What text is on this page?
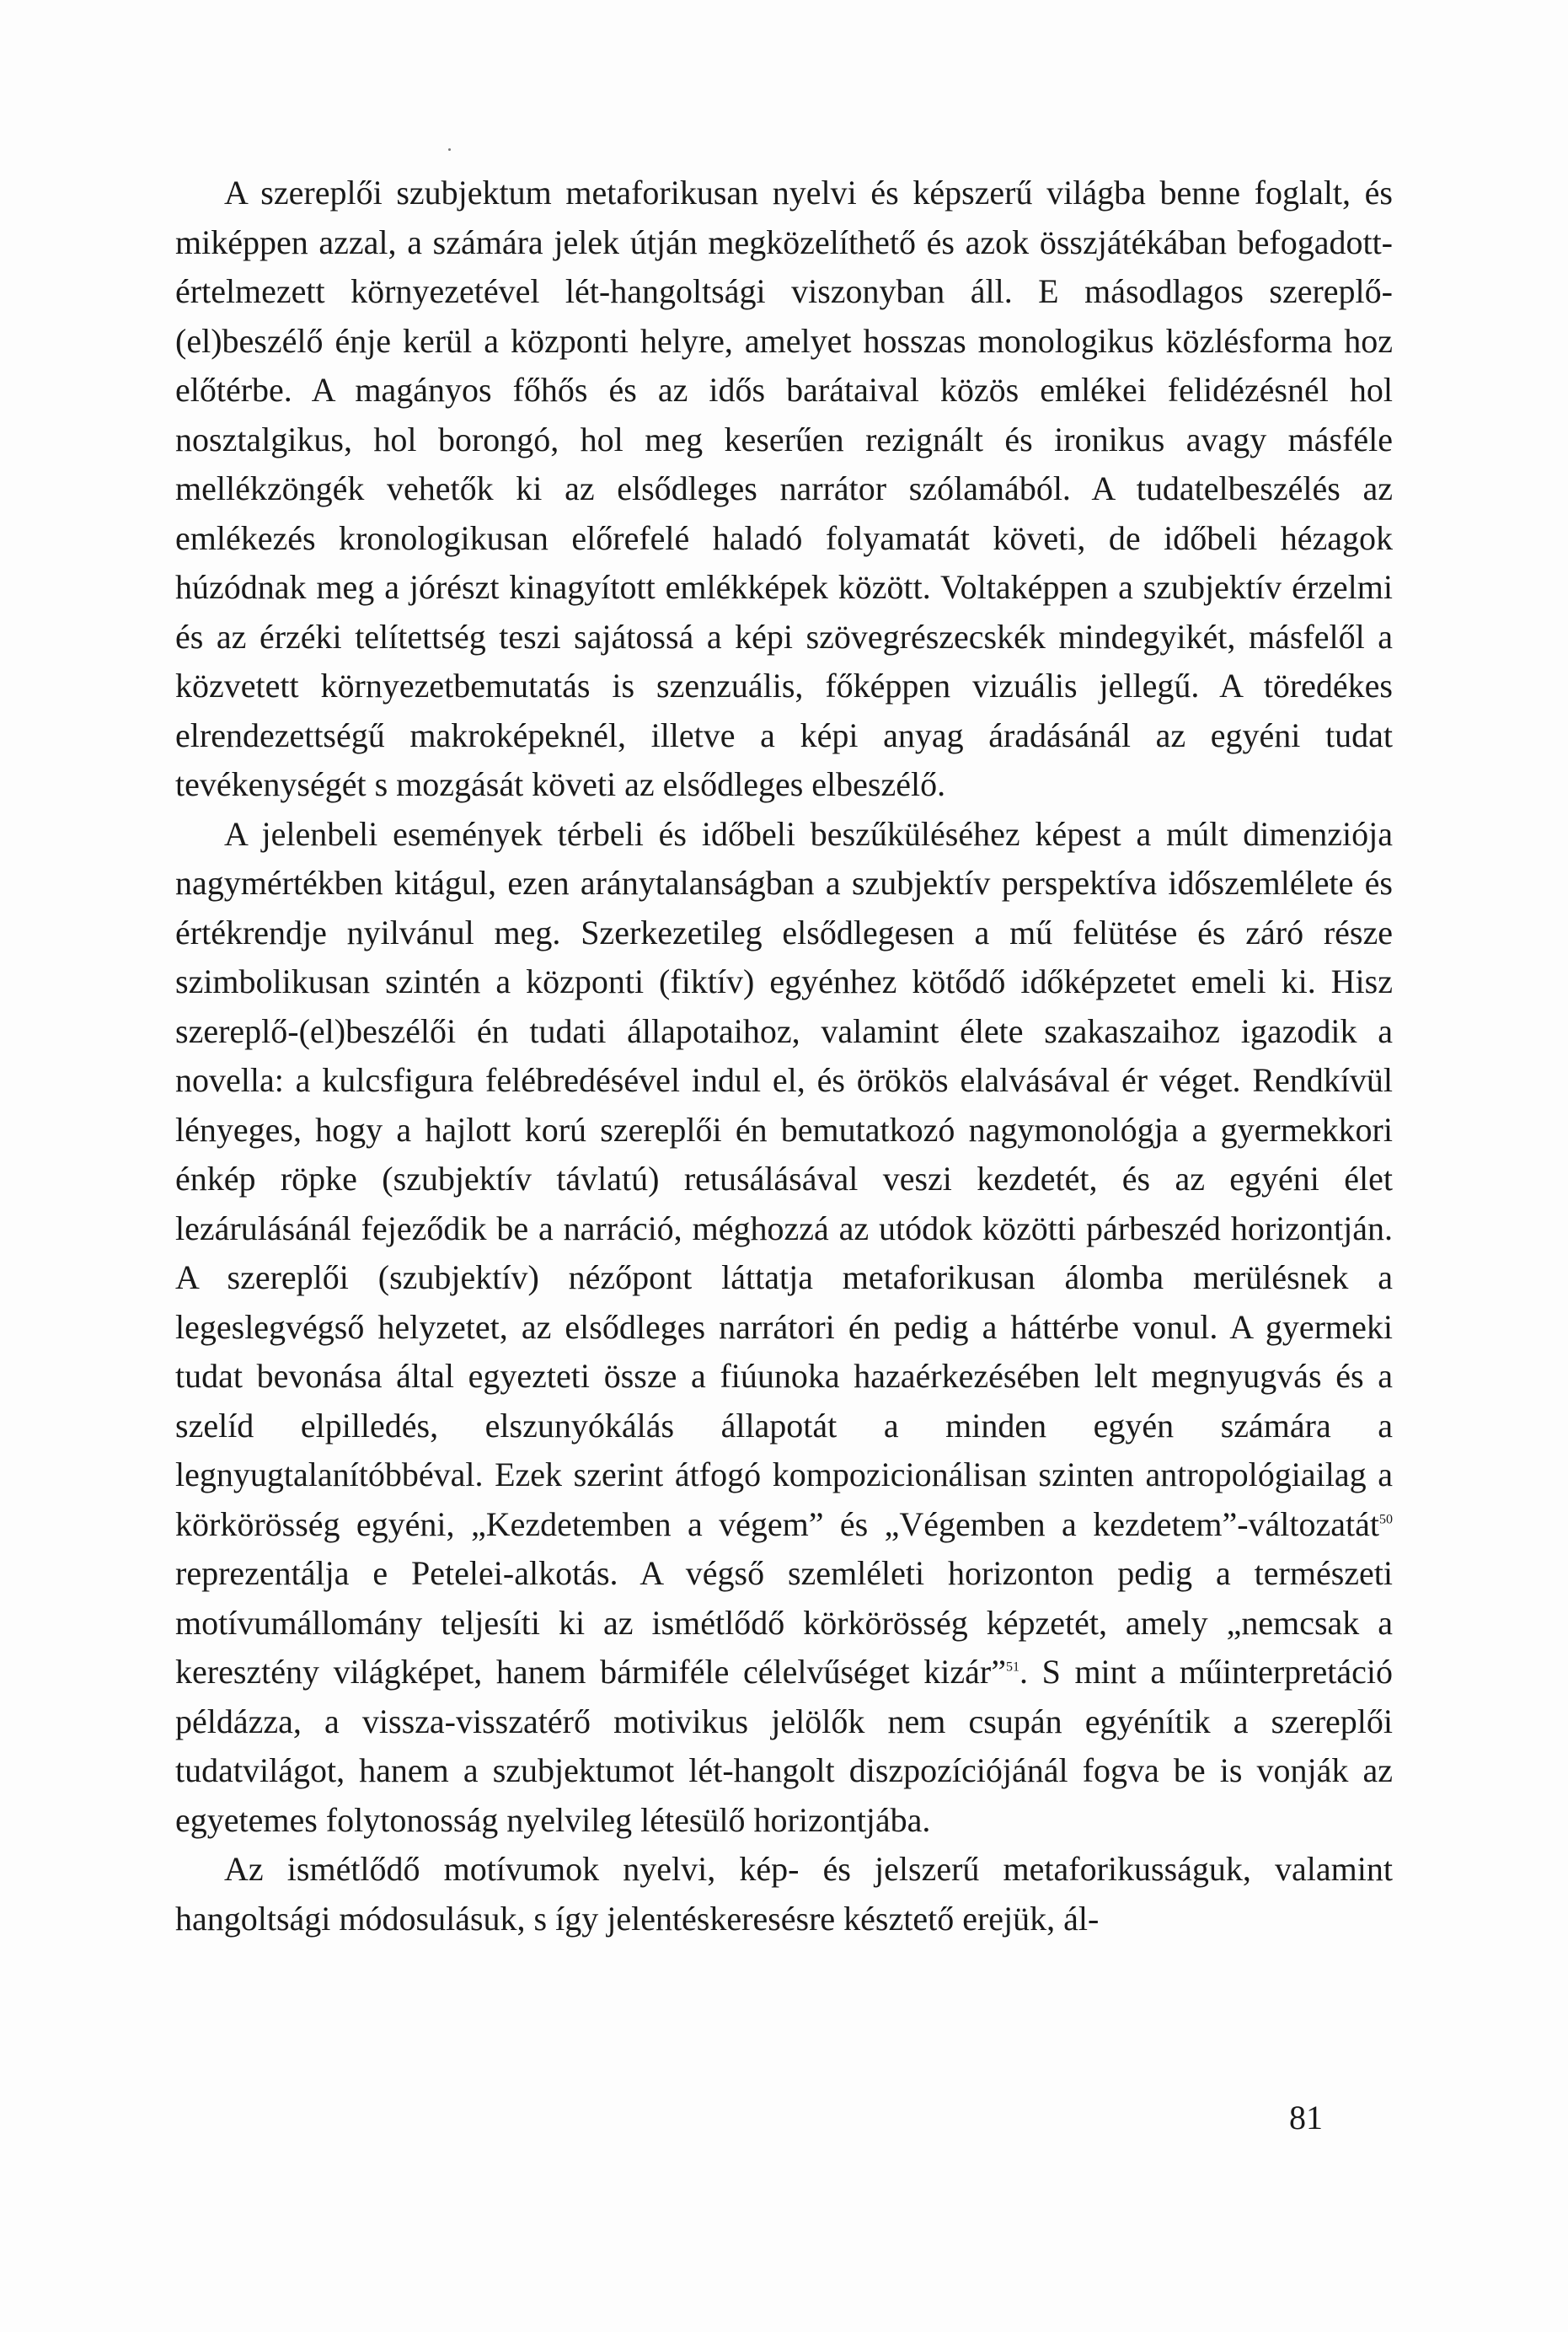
A szereplői szubjektum metaforikusan nyelvi és képszerű világba benne foglalt, és miképpen azzal, a számára jelek útján megközelíthető és azok összjátékában befogadott-értelmezett környezetével lét-hangoltsági viszonyban áll. E másodlagos szereplő-(el)beszélő énje kerül a központi helyre, amelyet hosszas monologikus közlésforma hoz előtérbe. A magányos főhős és az idős barátaival közös emlékei felidézésnél hol nosztalgikus, hol borongó, hol meg keserűen rezignált és ironikus avagy másféle mellékzöngék vehetők ki az elsődleges narrátor szólamából. A tudatelbeszélés az emlékezés kronologikusan előrefelé haladó folyamatát követi, de időbeli hézagok húzódnak meg a jórészt kinagyított emlékképek között. Voltaképpen a szubjektív érzelmi és az érzéki telítettség teszi sajátossá a képi szövegrészecskék mindegyikét, másfelől a közvetett környezetbemutatás is szenzuális, főképpen vizuális jellegű. A töredékes elrendezettségű makroképeknél, illetve a képi anyag áradásánál az egyéni tudat tevékenységét s mozgását követi az elsődleges elbeszélő.

A jelenbeli események térbeli és időbeli beszűküléséhez képest a múlt dimenziója nagymértékben kitágul, ezen aránytalanságban a szubjektív perspektíva időszemlélete és értékrendje nyilvánul meg. Szerkezetileg elsődlegesen a mű felütése és záró része szimbolikusan szintén a központi (fiktív) egyénhez kötődő időképzetet emeli ki. Hisz szereplő-(el)beszélői én tudati állapotaihoz, valamint élete szakaszaihoz igazodik a novella: a kulcsfigura felébredésével indul el, és örökös elalvásával ér véget. Rendkívül lényeges, hogy a hajlott korú szereplői én bemutatkozó nagymonológja a gyermekkori énkép röpke (szubjektív távlatú) retusálásával veszi kezdetét, és az egyéni élet lezárulásánál fejeződik be a narráció, méghozzá az utódok közötti párbeszéd horizontján. A szereplői (szubjektív) nézőpont láttatja metaforikusan álomba merülésnek a legeslegvégső helyzetet, az elsődleges narrátori én pedig a háttérbe vonul. A gyermeki tudat bevonása által egyezteti össze a fiúunoka hazaérkezésében lelt megnyugvás és a szelíd elpilledés, elszunyókálás állapotát a minden egyén számára a legnyugtalanítóbbéval. Ezek szerint átfogó kompozicionálisan szinten antropológiailag a körkörösség egyéni, „Kezdetemben a végem” és „Végemben a kezdetem”-változatát$^{50}$ reprezentálja e Petelei-alkotás. A végső szemléleti horizonton pedig a természeti motívumállomány teljesíti ki az ismétlődő körkörösség képzetét, amely „nemcsak a keresztény világképet, hanem bármiféle célelvűséget kizár”$^{51}$. S mint a műinterpretáció példázza, a vissza-visszatérő motivikus jelölők nem csupán egyénítik a szereplői tudatvilágot, hanem a szubjektumot lét-hangolt diszpozíciójánál fogva be is vonják az egyetemes folytonosság nyelvileg létesülő horizontjába.

Az ismétlődő motívumok nyelvi, kép- és jelszerű metaforikusságuk, valamint hangoltsági módosulásuk, s így jelentéskeresésre késztető erejük, ál-

81
